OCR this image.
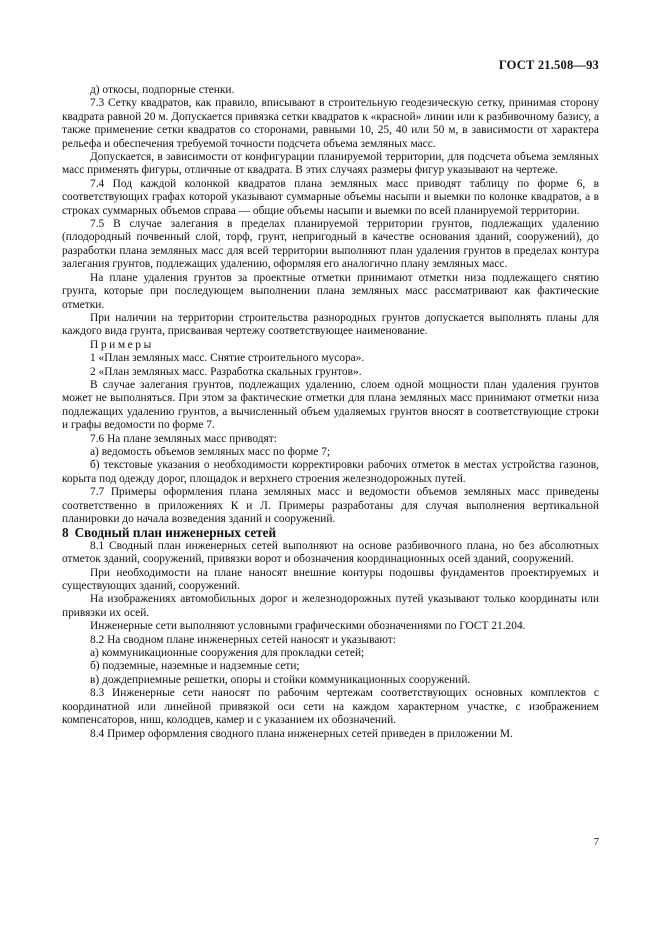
ГОСТ 21.508—93

д) откосы, подпорные стенки.

7.3 Сетку квадратов, как правило, вписывают в строительную геодезическую сетку, принимая сторону квадрата равной 20 м. Допускается привязка сетки квадратов к «красной» линии или к разбивочному базису, а также применение сетки квадратов со сторонами, равными 10, 25, 40 или 50 м, в зависимости от характера рельефа и обеспечения требуемой точности подсчета объема земляных масс.

Допускается, в зависимости от конфигурации планируемой территории, для подсчета объема земляных масс применять фигуры, отличные от квадрата. В этих случаях размеры фигур указывают на чертеже.

7.4 Под каждой колонкой квадратов плана земляных масс приводят таблицу по форме 6, в соответствующих графах которой указывают суммарные объемы насыпи и выемки по колонке квадратов, а в строках суммарных объемов справа — общие объемы насыпи и выемки по всей планируемой территории.

7.5 В случае залегания в пределах планируемой территории грунтов, подлежащих удалению (плодородный почвенный слой, торф, грунт, непригодный в качестве основания зданий, сооружений), до разработки плана земляных масс для всей территории выполняют план удаления грунтов в пределах контура залегания грунтов, подлежащих удалению, оформляя его аналогично плану земляных масс.

На плане удаления грунтов за проектные отметки принимают отметки низа подлежащего снятию грунта, которые при последующем выполнении плана земляных масс рассматривают как фактические отметки.

При наличии на территории строительства разнородных грунтов допускается выполнять планы для каждого вида грунта, присваивая чертежу соответствующее наименование.

Примеры

1 «План земляных масс. Снятие строительного мусора».

2 «План земляных масс. Разработка скальных грунтов».

В случае залегания грунтов, подлежащих удалению, слоем одной мощности план удаления грунтов может не выполняться. При этом за фактические отметки для плана земляных масс принимают отметки низа подлежащих удалению грунтов, а вычисленный объем удаляемых грунтов вносят в соответствующие строки и графы ведомости по форме 7.

7.6 На плане земляных масс приводят:

а) ведомость объемов земляных масс по форме 7;

б) текстовые указания о необходимости корректировки рабочих отметок в местах устройства газонов, корыта под одежду дорог, площадок и верхнего строения железнодорожных путей.

7.7 Примеры оформления плана земляных масс и ведомости объемов земляных масс приведены соответственно в приложениях К и Л. Примеры разработаны для случая выполнения вертикальной планировки до начала возведения зданий и сооружений.

8 Сводный план инженерных сетей

8.1 Сводный план инженерных сетей выполняют на основе разбивочного плана, но без абсолютных отметок зданий, сооружений, привязки ворот и обозначения координационных осей зданий, сооружений.

При необходимости на плане наносят внешние контуры подошвы фундаментов проектируемых и существующих зданий, сооружений.

На изображениях автомобильных дорог и железнодорожных путей указывают только координаты или привязки их осей.

Инженерные сети выполняют условными графическими обозначениями по ГОСТ 21.204.

8.2 На сводном плане инженерных сетей наносят и указывают:

а) коммуникационные сооружения для прокладки сетей;

б) подземные, наземные и надземные сети;

в) дождеприемные решетки, опоры и стойки коммуникационных сооружений.

8.3 Инженерные сети наносят по рабочим чертежам соответствующих основных комплектов с координатной или линейной привязкой оси сети на каждом характерном участке, с изображением компенсаторов, ниш, колодцев, камер и с указанием их обозначений.

8.4 Пример оформления сводного плана инженерных сетей приведен в приложении М.

7
